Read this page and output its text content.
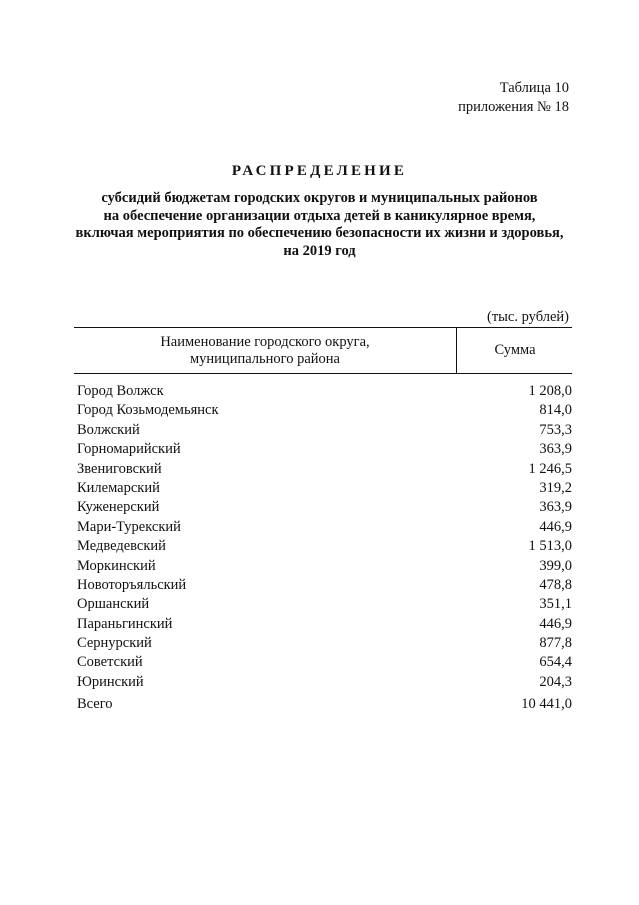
Таблица 10
приложения № 18
РАСПРЕДЕЛЕНИЕ
субсидий бюджетам городских округов и муниципальных районов
на обеспечение организации отдыха детей в каникулярное время,
включая мероприятия по обеспечению безопасности их жизни и здоровья,
на 2019 год
(тыс. рублей)
Наименование городского округа,
муниципального района
Сумма
Город Волжск	1 208,0
Город Козьмодемьянск	814,0
Волжский	753,3
Горномарийский	363,9
Звениговский	1 246,5
Килемарский	319,2
Куженерский	363,9
Мари-Турекский	446,9
Медведевский	1 513,0
Моркинский	399,0
Новоторъяльский	478,8
Оршанский	351,1
Параньгинский	446,9
Сернурский	877,8
Советский	654,4
Юринский	204,3
Всего	10 441,0
